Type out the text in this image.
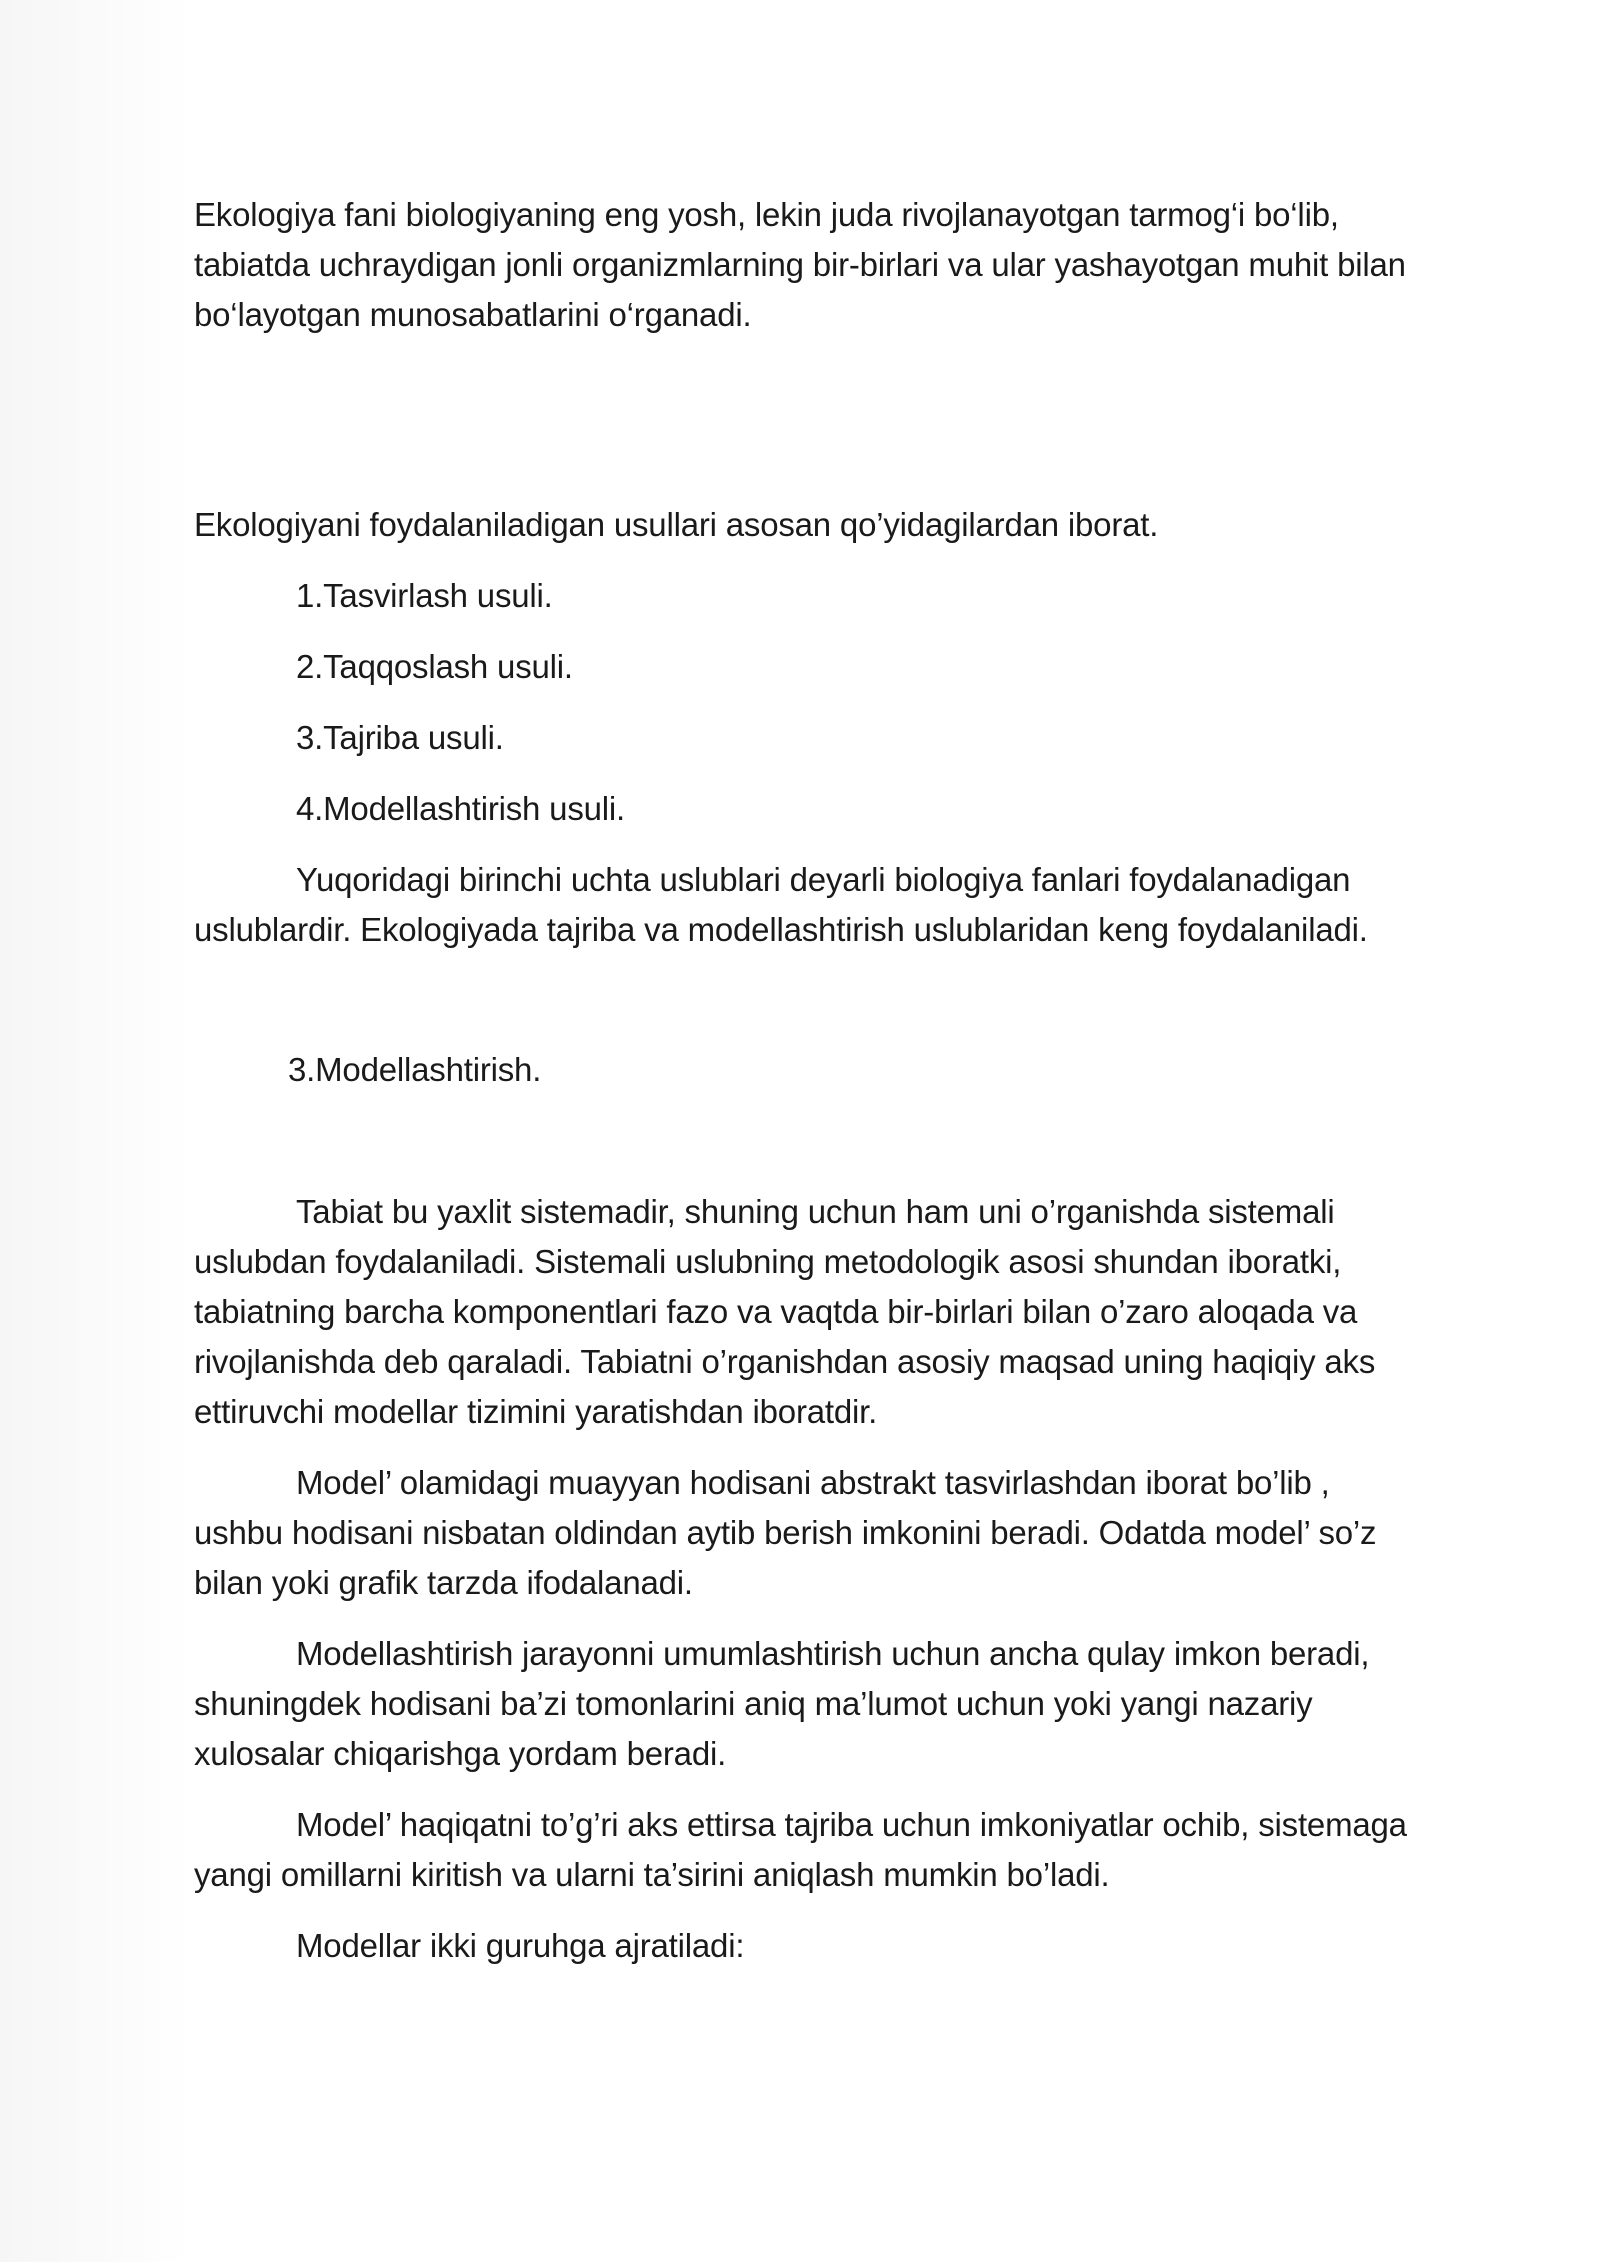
Ekologiya fani biologiyaning eng yosh, lekin juda rivojlanayotgan tarmog‘i bo‘lib, tabiatda uchraydigan jonli organizmlarning bir-birlari va ular yashayotgan muhit bilan bo‘layotgan munosabatlarini o‘rganadi.

Ekologiyani foydalaniladigan usullari asosan qo’yidagilardan iborat.

1.Tasvirlash usuli.

2.Taqqoslash usuli.

3.Tajriba usuli.

4.Modellashtirish usuli.

Yuqoridagi birinchi uchta uslublari deyarli biologiya fanlari foydalanadigan uslublardir. Ekologiyada tajriba va modellashtirish uslublaridan keng foydalaniladi.

3.Modellashtirish.

Tabiat bu yaxlit sistemadir, shuning uchun ham uni o’rganishda sistemali uslubdan foydalaniladi. Sistemali uslubning metodologik asosi shundan iboratki, tabiatning barcha komponentlari fazo va vaqtda bir-birlari bilan o’zaro aloqada va rivojlanishda deb qaraladi. Tabiatni o’rganishdan asosiy maqsad uning haqiqiy aks ettiruvchi modellar tizimini yaratishdan iboratdir.

Model’ olamidagi muayyan hodisani abstrakt tasvirlashdan iborat bo’lib , ushbu hodisani nisbatan oldindan aytib berish imkonini beradi. Odatda model’ so’z bilan yoki grafik tarzda ifodalanadi.

Modellashtirish jarayonni umumlashtirish uchun ancha qulay imkon beradi, shuningdek hodisani ba’zi tomonlarini aniq ma’lumot uchun yoki yangi nazariy xulosalar chiqarishga yordam beradi.

Model’ haqiqatni to’g’ri aks ettirsa tajriba uchun imkoniyatlar ochib, sistemaga yangi omillarni kiritish va ularni ta’sirini aniqlash mumkin bo’ladi.

Modellar ikki guruhga ajratiladi:
